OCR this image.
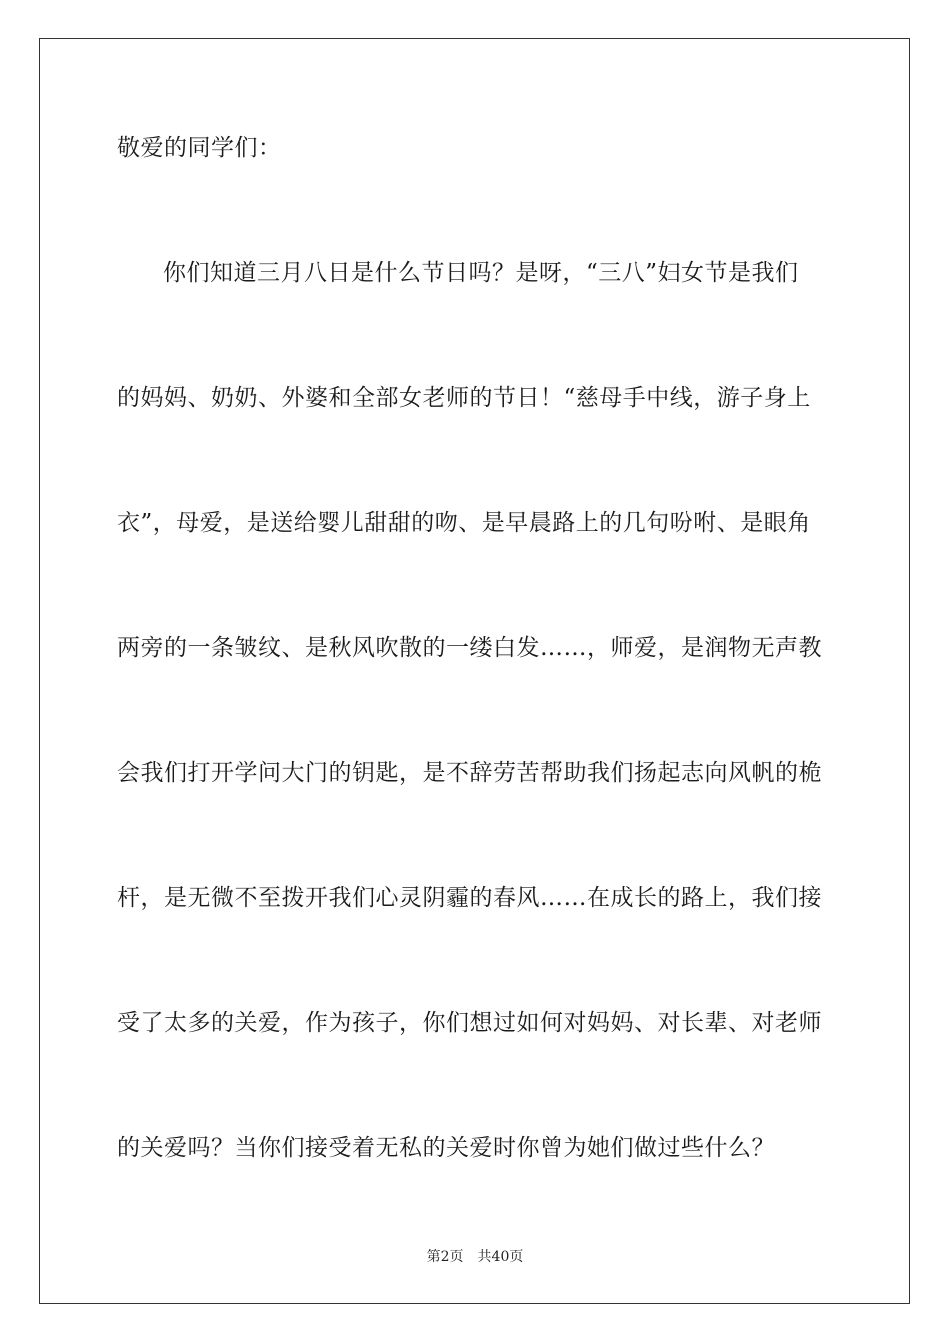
敬爱的同学们：
你们知道三月八日是什么节日吗？是呀，“三八”妇女节是我们
的妈妈、奶奶、外婆和全部女老师的节日！“慈母手中线，游子身上
衣”，母爱，是送给婴儿甜甜的吻、是早晨路上的几句吩咐、是眼角
两旁的一条皱纹、是秋风吹散的一缕白发……，师爱，是润物无声教
会我们打开学问大门的钥匙，是不辞劳苦帮助我们扬起志向风帆的桅
杆，是无微不至拨开我们心灵阴霾的春风……在成长的路上，我们接
受了太多的关爱，作为孩子，你们想过如何对妈妈、对长辈、对老师
的关爱吗？当你们接受着无私的关爱时你曾为她们做过些什么？
第2页 共40页
